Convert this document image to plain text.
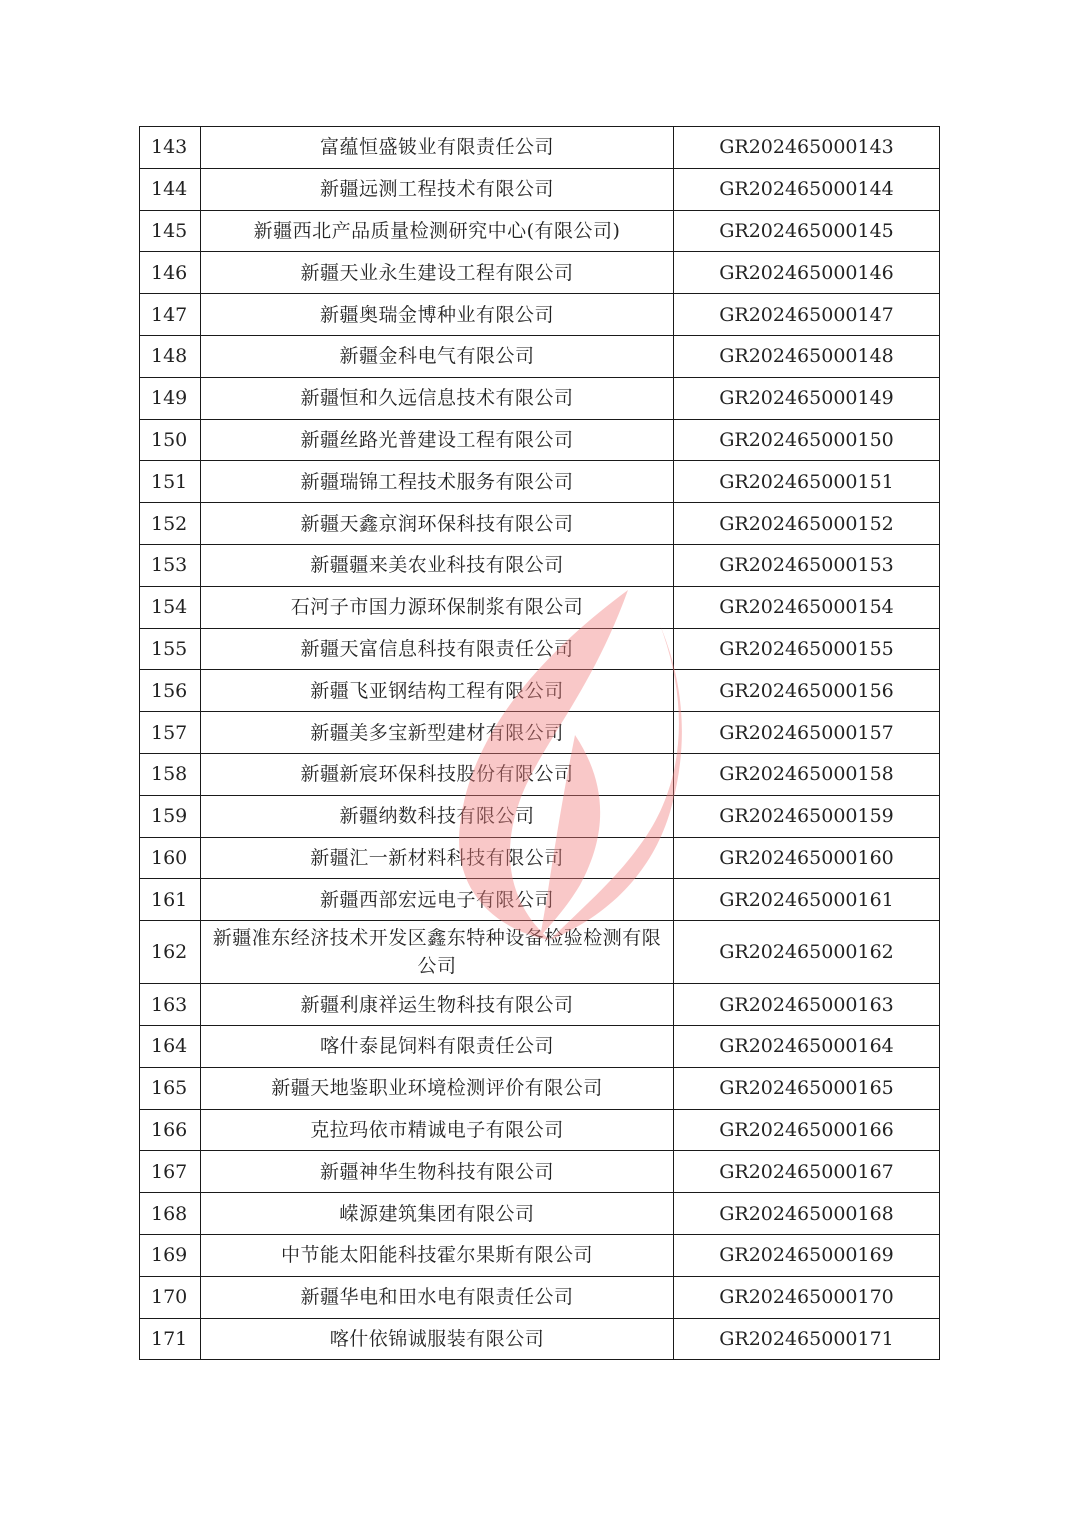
143	富蕴恒盛铍业有限责任公司	GR202465000143
144	新疆远测工程技术有限公司	GR202465000144
145	新疆西北产品质量检测研究中心(有限公司)	GR202465000145
146	新疆天业永生建设工程有限公司	GR202465000146
147	新疆奥瑞金博种业有限公司	GR202465000147
148	新疆金科电气有限公司	GR202465000148
149	新疆恒和久远信息技术有限公司	GR202465000149
150	新疆丝路光普建设工程有限公司	GR202465000150
151	新疆瑞锦工程技术服务有限公司	GR202465000151
152	新疆天鑫京润环保科技有限公司	GR202465000152
153	新疆疆来美农业科技有限公司	GR202465000153
154	石河子市国力源环保制浆有限公司	GR202465000154
155	新疆天富信息科技有限责任公司	GR202465000155
156	新疆飞亚钢结构工程有限公司	GR202465000156
157	新疆美多宝新型建材有限公司	GR202465000157
158	新疆新宸环保科技股份有限公司	GR202465000158
159	新疆纳数科技有限公司	GR202465000159
160	新疆汇一新材料科技有限公司	GR202465000160
161	新疆西部宏远电子有限公司	GR202465000161
162	新疆准东经济技术开发区鑫东特种设备检验检测有限公司	GR202465000162
163	新疆利康祥运生物科技有限公司	GR202465000163
164	喀什泰昆饲料有限责任公司	GR202465000164
165	新疆天地鉴职业环境检测评价有限公司	GR202465000165
166	克拉玛依市精诚电子有限公司	GR202465000166
167	新疆神华生物科技有限公司	GR202465000167
168	嵘源建筑集团有限公司	GR202465000168
169	中节能太阳能科技霍尔果斯有限公司	GR202465000169
170	新疆华电和田水电有限责任公司	GR202465000170
171	喀什依锦诚服装有限公司	GR202465000171
